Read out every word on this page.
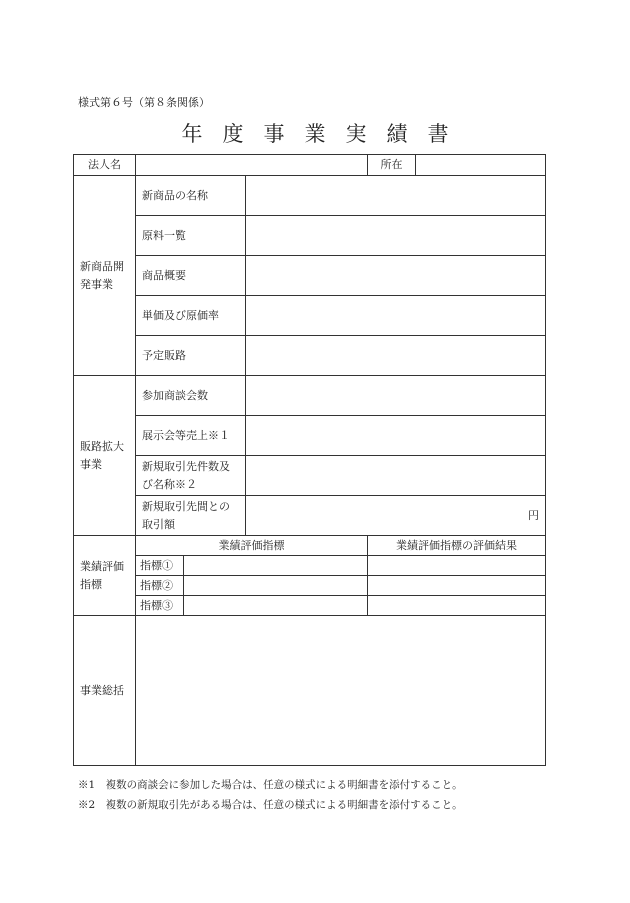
様式第６号（第８条関係）
年度事業実績書
法人名				所在	
新商品開発事業	新商品の名称				
	原料一覧				
	商品概要				
	単価及び原価率				
	予定販路				
販路拡大事業	参加商談会数				
	展示会等売上※１				
	新規取引先件数及び名称※２				
	新規取引先間との取引額		円		
業績評価指標	業績評価指標			業績評価指標の評価結果	
	指標①				
	指標②				
	指標③				
事業総括					
※1　複数の商談会に参加した場合は、任意の様式による明細書を添付すること。
※2　複数の新規取引先がある場合は、任意の様式による明細書を添付すること。
